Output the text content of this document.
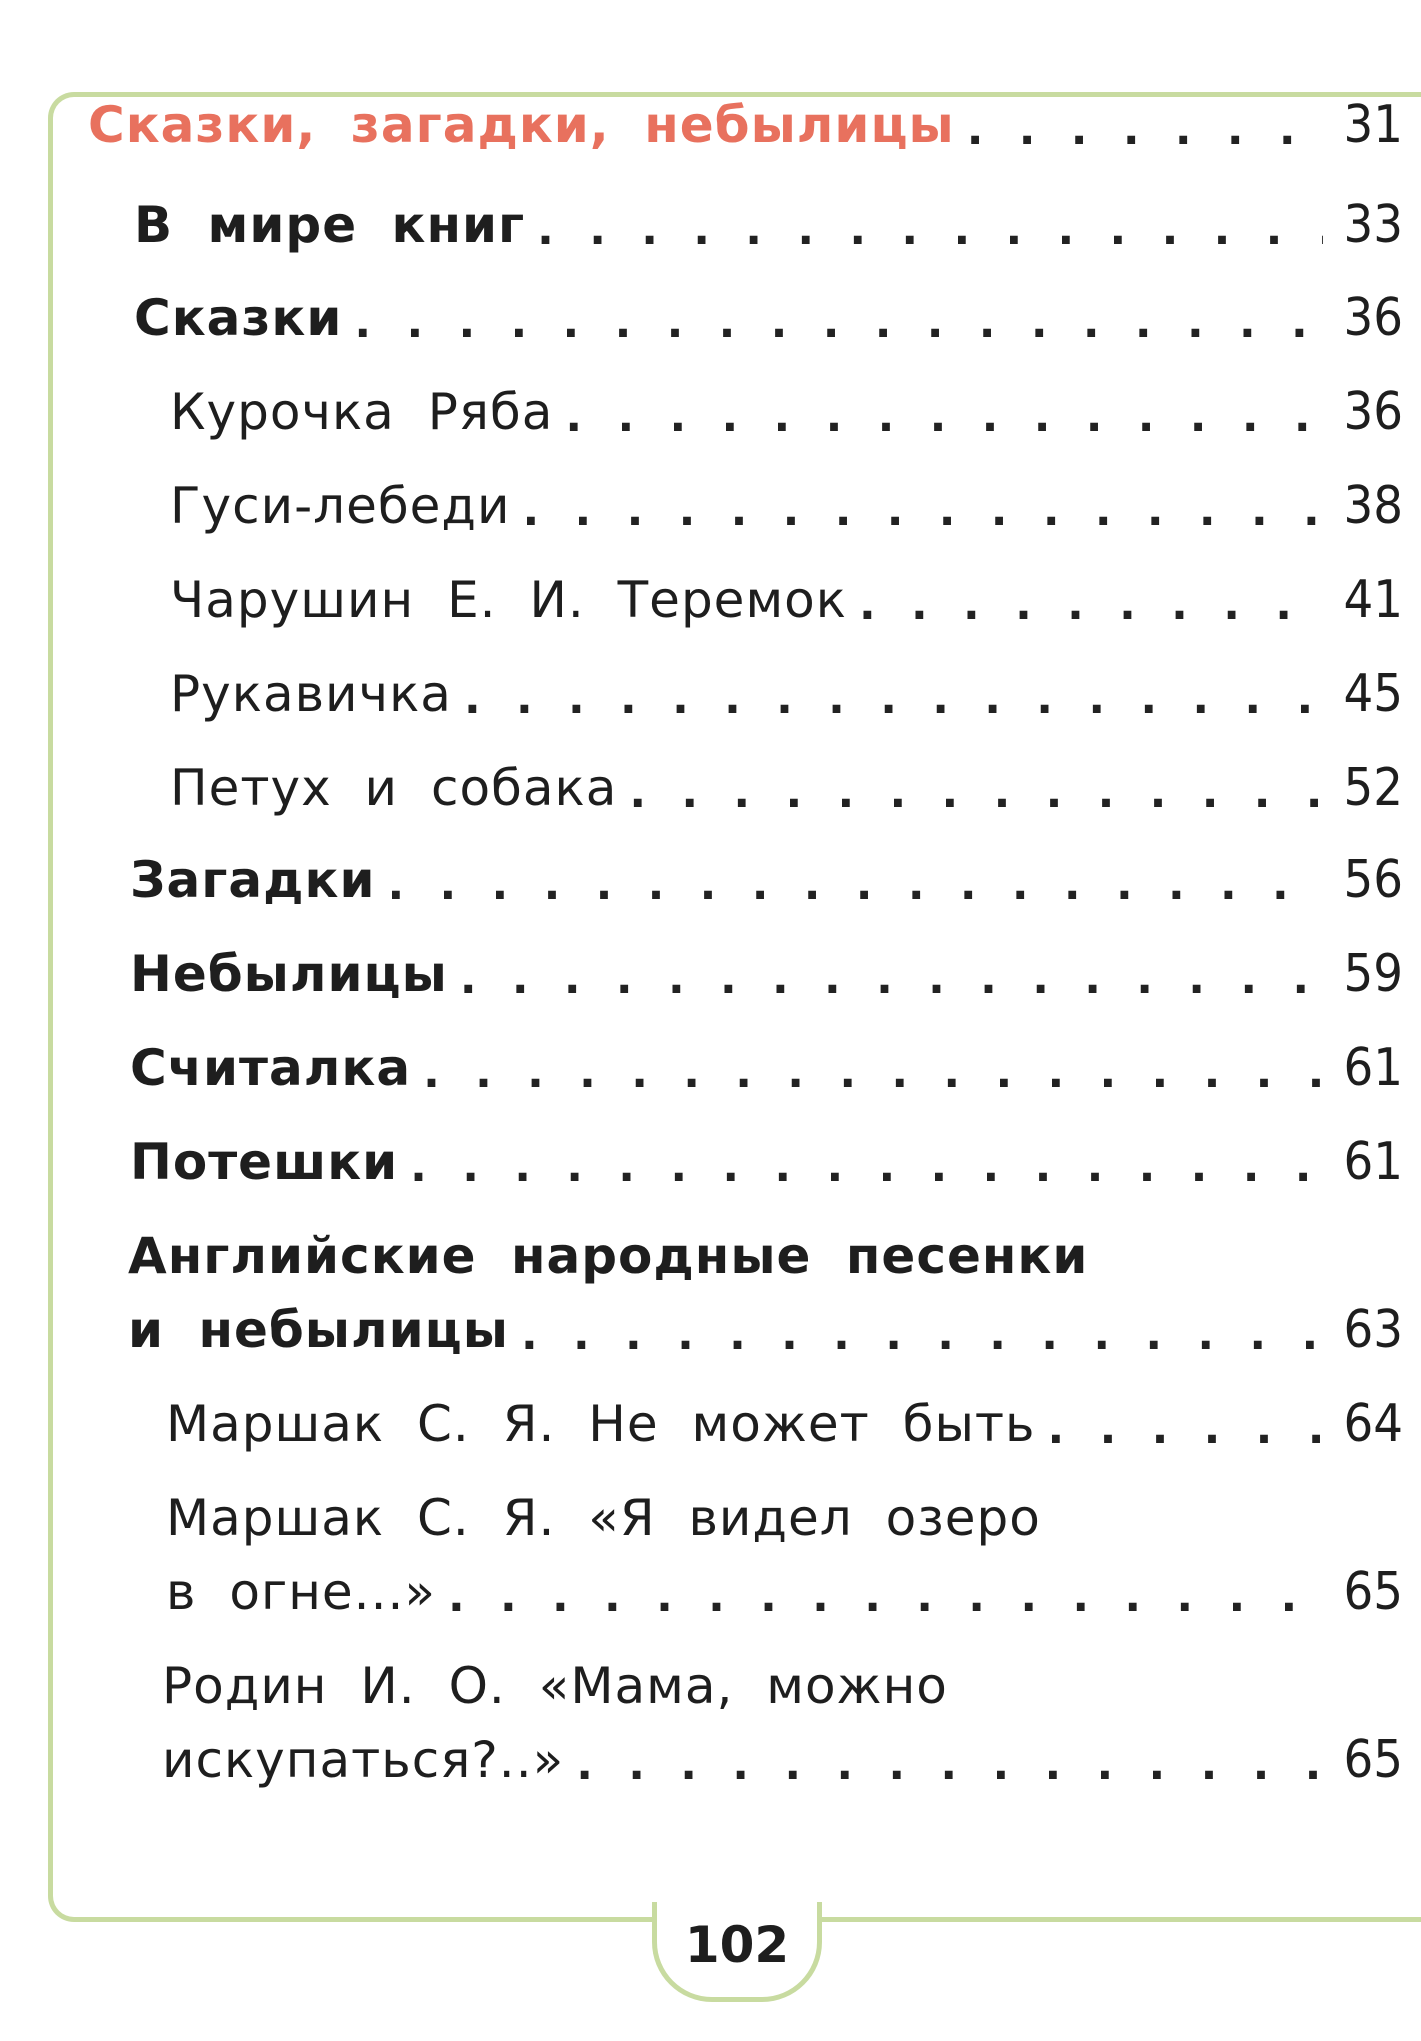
Сказки, загадки, небылицы . . .	31
В мире книг . . .	33
Сказки . . .	36
Курочка Ряба . . .	36
Гуси-лебеди . . .	38
Чарушин Е. И. Теремок . . .	41
Рукавичка . . .	45
Петух и собака . . .	52
Загадки . . .	56
Небылицы . . .	59
Считалка . . .	61
Потешки . . .	61
Английские народные песенки
и небылицы . . .	63
Маршак С. Я. Не может быть . . .	64
Маршак С. Я. «Я видел озеро
в огне...» . . .	65
Родин И. О. «Мама, можно
искупаться?..» . . .	65
102
